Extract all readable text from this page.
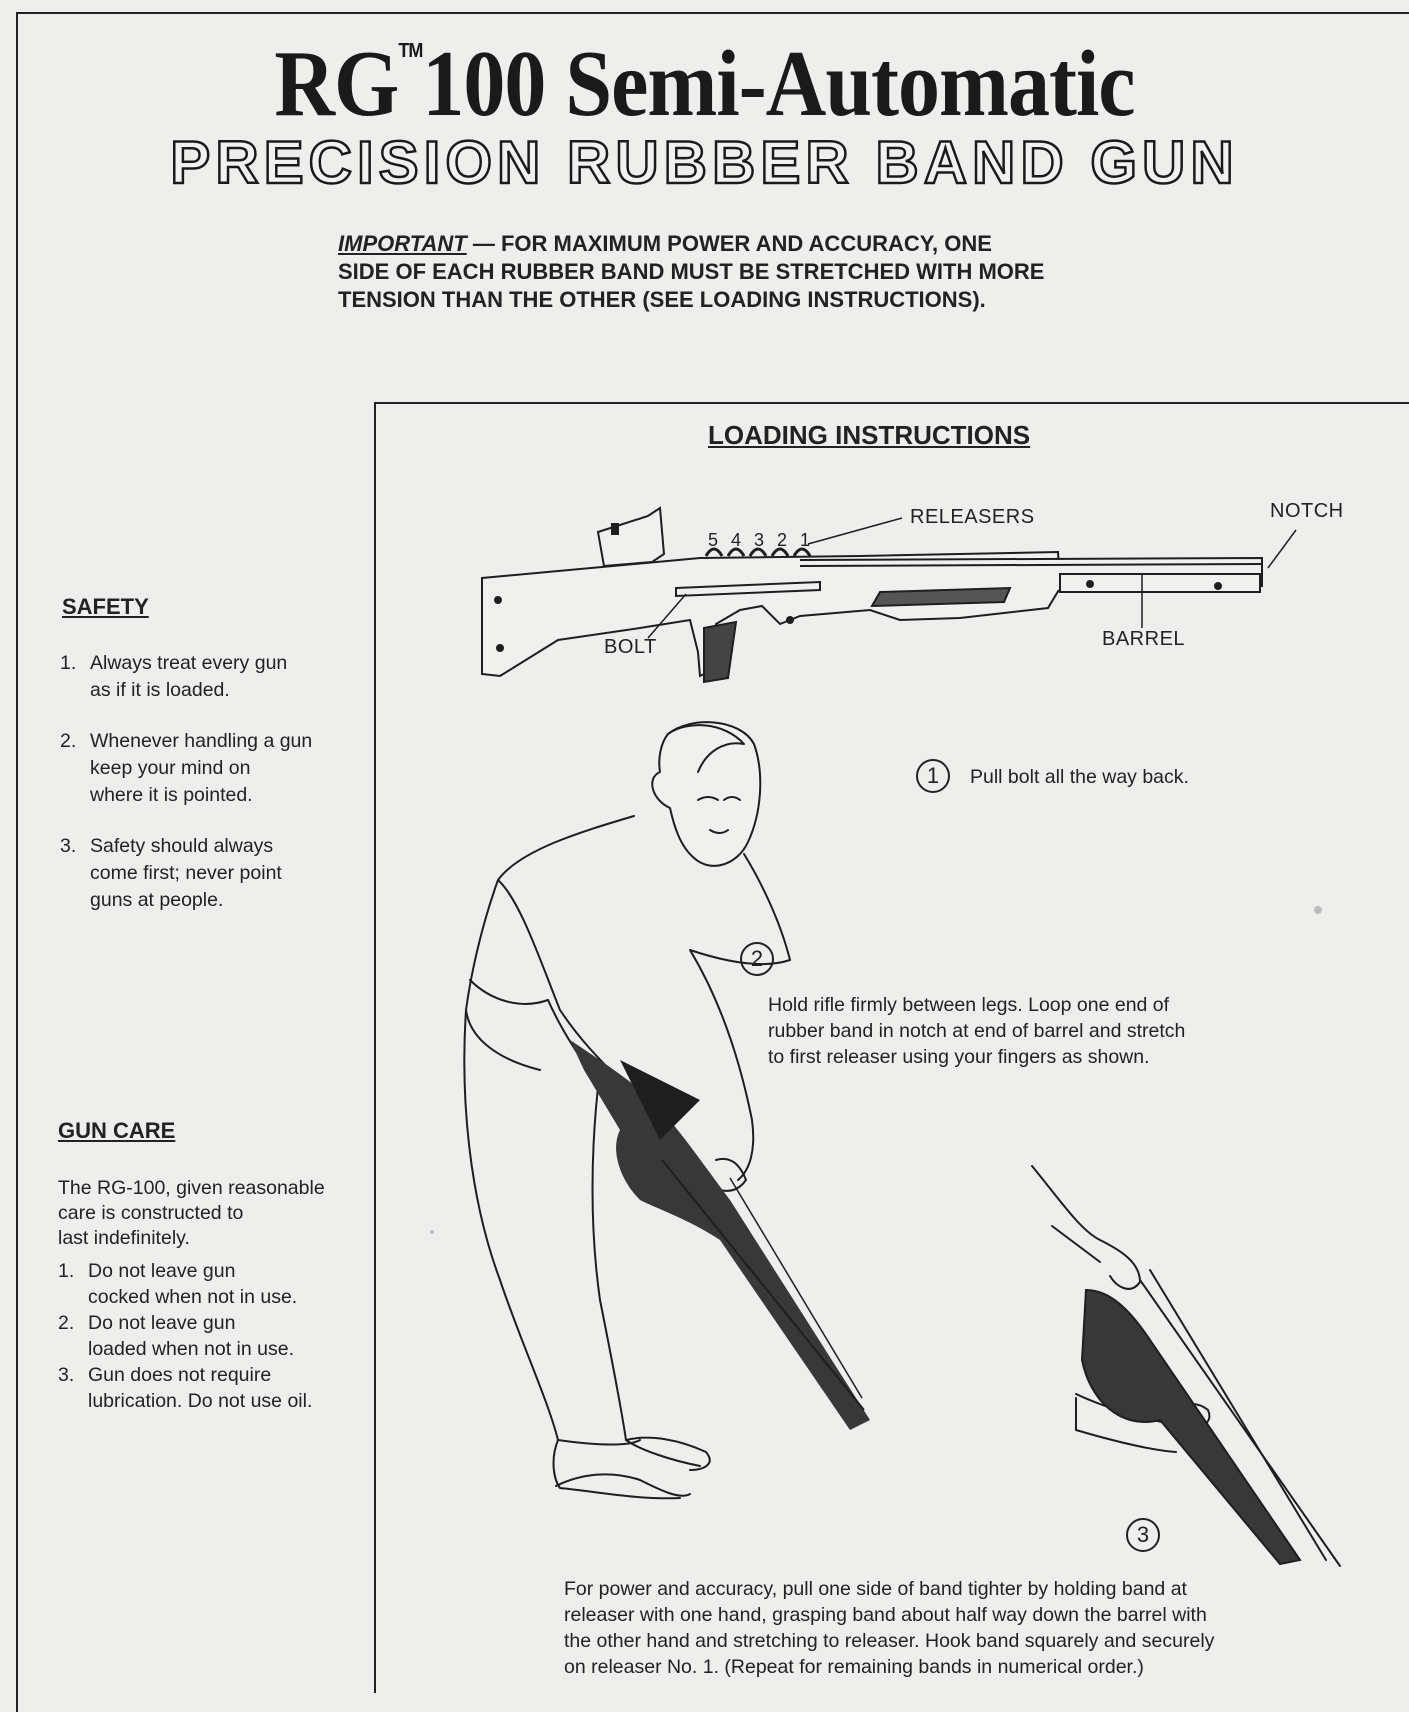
RG™100 Semi-Automatic
PRECISION RUBBER BAND GUN
IMPORTANT — FOR MAXIMUM POWER AND ACCURACY, ONE
SIDE OF EACH RUBBER BAND MUST BE STRETCHED WITH MORE
TENSION THAN THE OTHER (SEE LOADING INSTRUCTIONS).
SAFETY
1. Always treat every gun
as if it is loaded.
2. Whenever handling a gun
keep your mind on
where it is pointed.
3. Safety should always
come first; never point
guns at people.
GUN CARE
The RG-100, given reasonable
care is constructed to
last indefinitely.
1. Do not leave gun
cocked when not in use.
2. Do not leave gun
loaded when not in use.
3. Gun does not require
lubrication. Do not use oil.
LOADING INSTRUCTIONS
RELEASERS	NOTCH
BOLT	BARREL
5 4 3 2 1
1	Pull bolt all the way back.
2
Hold rifle firmly between legs. Loop one end of
rubber band in notch at end of barrel and stretch
to first releaser using your fingers as shown.
3
For power and accuracy, pull one side of band tighter by holding band at
releaser with one hand, grasping band about half way down the barrel with
the other hand and stretching to releaser. Hook band squarely and securely
on releaser No. 1. (Repeat for remaining bands in numerical order.)
